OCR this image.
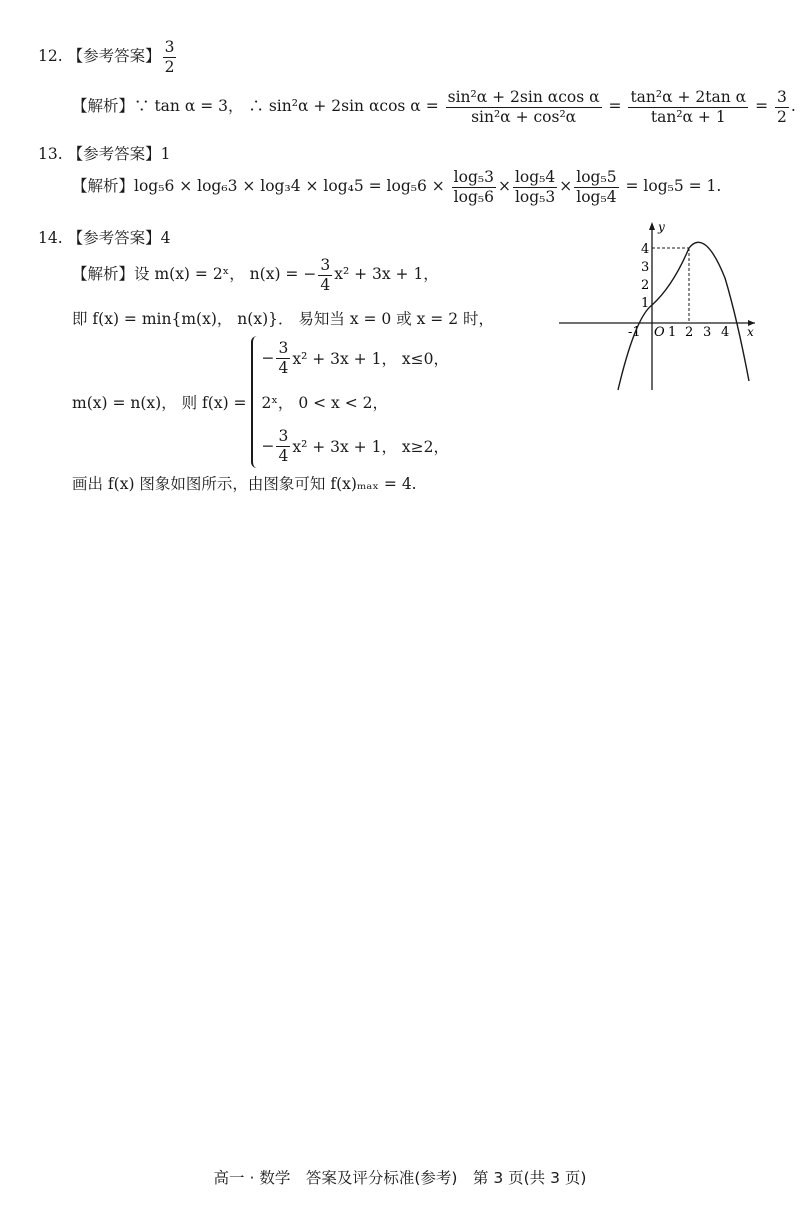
12. 【参考答案】 $\frac{3}{2}$
【解析】∵ tan α = 3， ∴ sin²α + 2sin αcos $\alpha = \frac{\text{sin²α + 2sin αcos α}}{\text{sin²α + cos²α}} = \frac{\text{tan²α + 2tan α}}{\text{tan²α + 1}} = \frac{3}{2}$ .
13. 【参考答案】1
【解析】$\log_56 \times \log_63 \times \log_34 \times \log_45 = \log_56 \times \frac{\text{log₅3}}{\text{log₅6}} \times \frac{\text{log₅4}}{\text{log₅3}} \times \frac{\text{log₅5}}{\text{log₅4}} = \log_55 = 1$.
14. 【参考答案】4
【解析】设 m(x) = 2ˣ， n(x) = − $\frac{3}{4} x^2 + 3x + 1$，
即 f(x) = min{m(x)， n(x)}． 易知当 x = 0 或 x = 2 时，
m(x) = n(x)， 则 f(x) =
− $\frac{3}{4} x^2 + 3x + 1$， x≤0，
2ˣ， 0 < x < 2，
− $\frac{3}{4} x^2 + 3x + 1$， x≥2，
画出 f(x) 图象如图所示，由图象可知 f(x)ₘₐₓ = 4.
x
y
O
-1 1 2 3 4
1
2
3
4
高一 · 数学　答案及评分标准(参考)　第 3 页(共 3 页)
